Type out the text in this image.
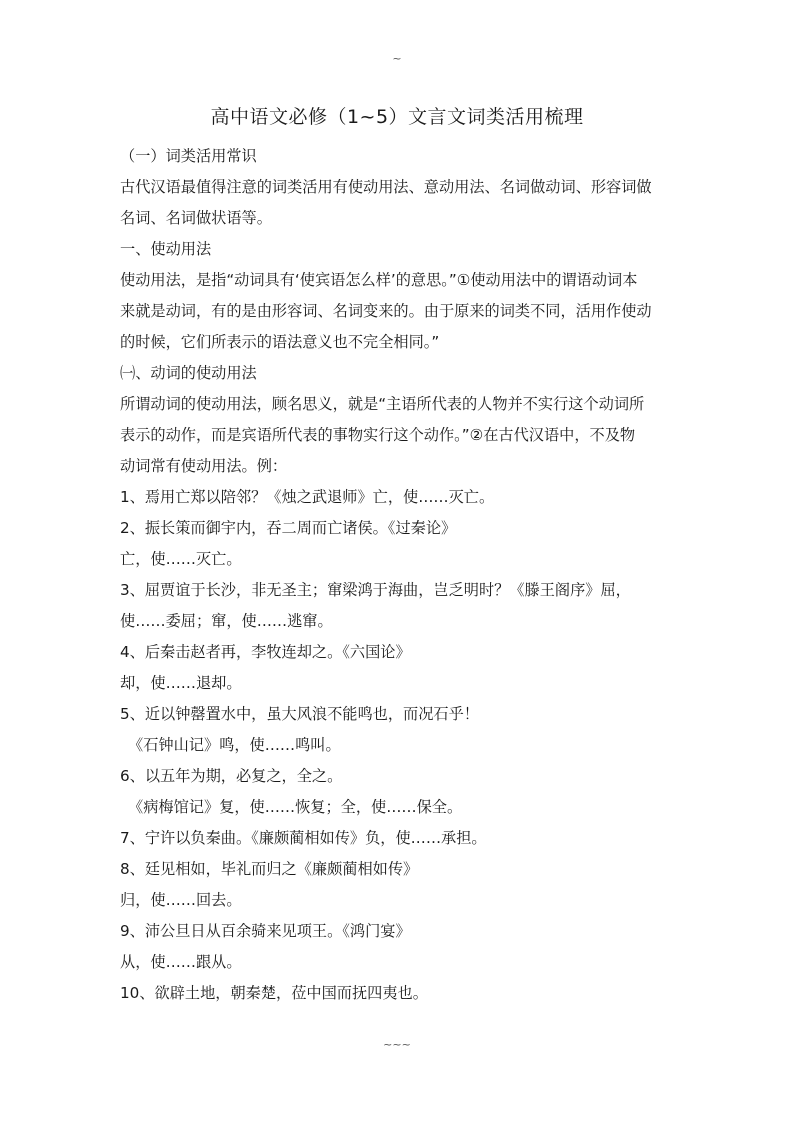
~
高中语文必修（1~5）文言文词类活用梳理
（一）词类活用常识
古代汉语最值得注意的词类活用有使动用法、意动用法、名词做动词、形容词做
名词、名词做状语等。
一、使动用法
使动用法，是指“动词具有‘使宾语怎么样’的意思。”①使动用法中的谓语动词本
来就是动词，有的是由形容词、名词变来的。由于原来的词类不同，活用作使动
的时候，它们所表示的语法意义也不完全相同。”
㈠、动词的使动用法
所谓动词的使动用法，顾名思义，就是“主语所代表的人物并不实行这个动词所
表示的动作，而是宾语所代表的事物实行这个动作。”②在古代汉语中，不及物
动词常有使动用法。例：
1、焉用亡郑以陪邻？《烛之武退师》亡，使……灭亡。
2、振长策而御宇内，吞二周而亡诸侯。《过秦论》
亡，使……灭亡。
3、屈贾谊于长沙，非无圣主；窜梁鸿于海曲，岂乏明时？《滕王阁序》屈，
使……委屈；窜，使……逃窜。
4、后秦击赵者再，李牧连却之。《六国论》
却，使……退却。
5、近以钟罄置水中，虽大风浪不能鸣也，而况石乎！
《石钟山记》鸣，使……鸣叫。
6、以五年为期，必复之，全之。
《病梅馆记》复，使……恢复；全，使……保全。
7、宁许以负秦曲。《廉颇蔺相如传》负，使……承担。
8、廷见相如，毕礼而归之《廉颇蔺相如传》
归，使……回去。
9、沛公旦日从百余骑来见项王。《鸿门宴》
从，使……跟从。
10、欲辟土地，朝秦楚，莅中国而抚四夷也。
~~~
